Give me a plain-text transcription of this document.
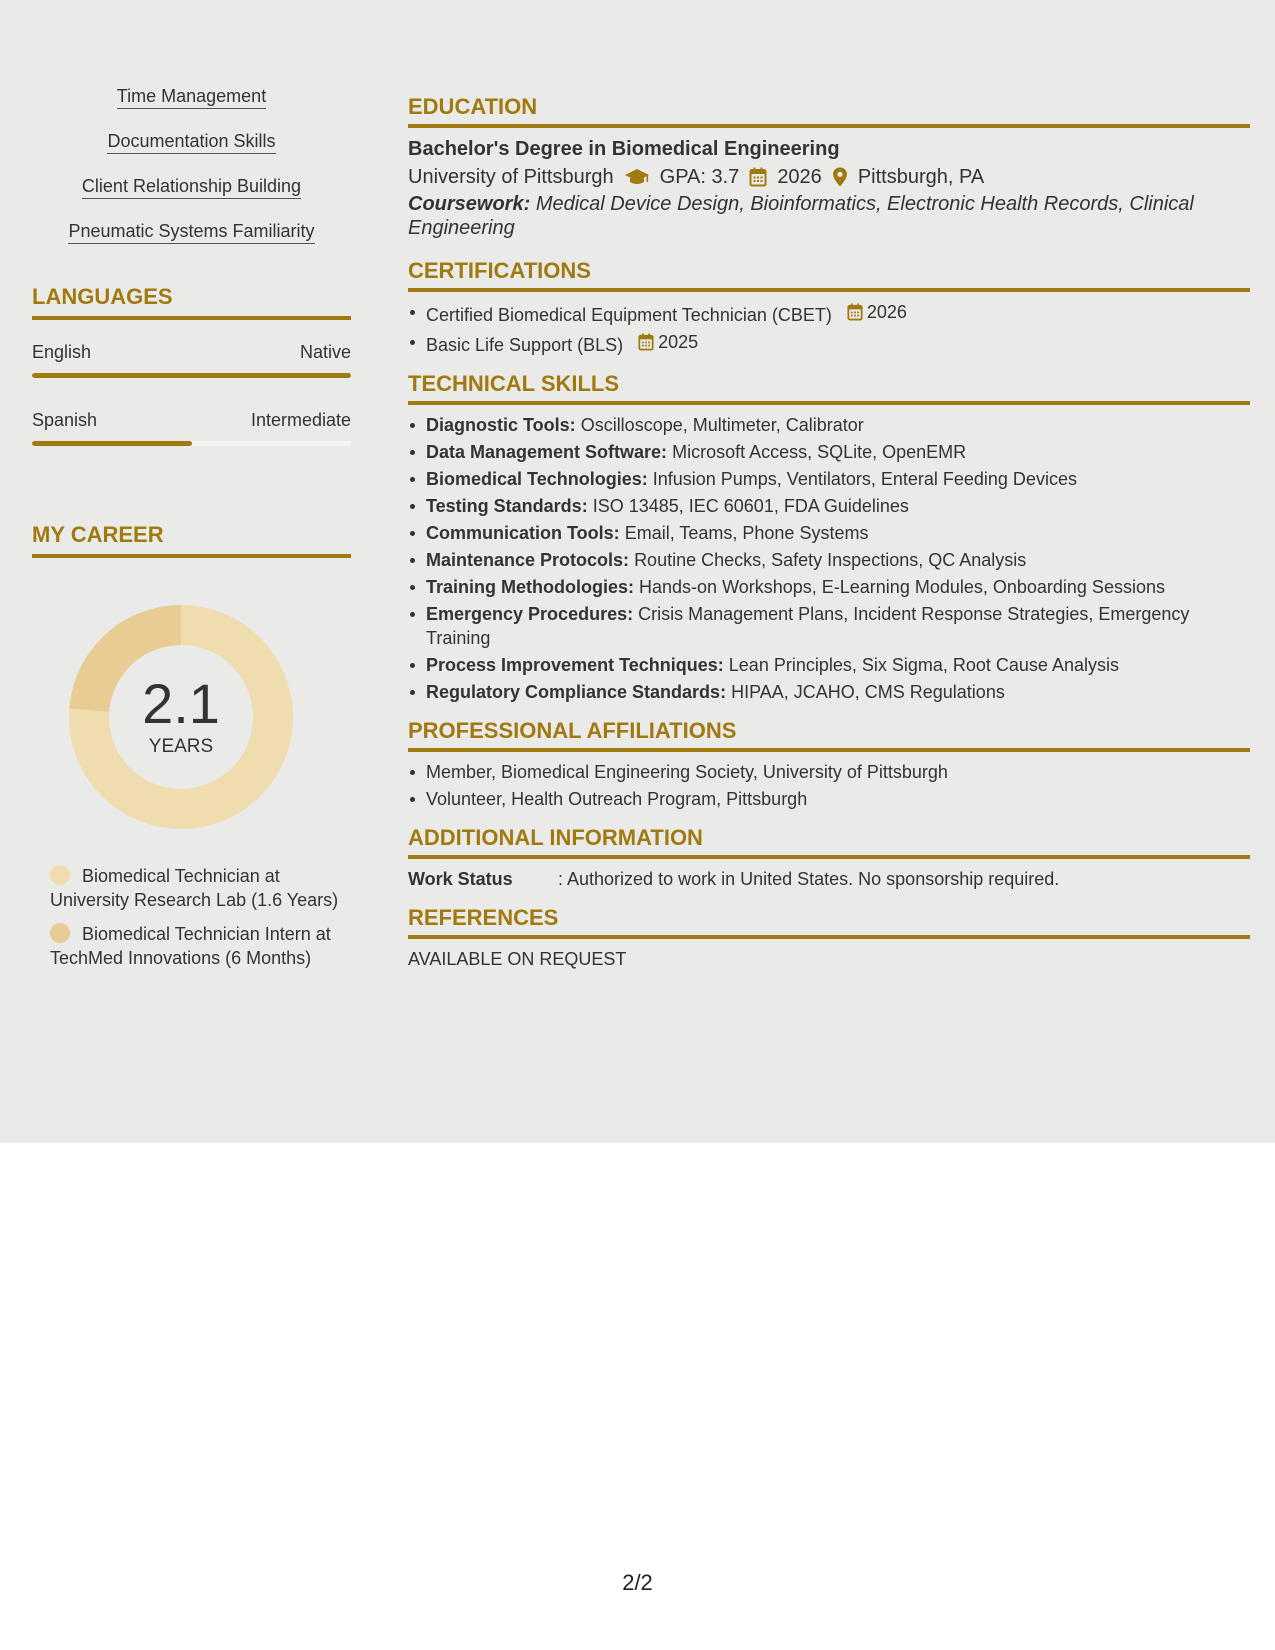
Time Management
Documentation Skills
Client Relationship Building
Pneumatic Systems Familiarity
LANGUAGES
English	Native
Spanish	Intermediate
MY CAREER
2.1
YEARS
Biomedical Technician at University Research Lab (1.6 Years)
Biomedical Technician Intern at TechMed Innovations (6 Months)
EDUCATION
Bachelor's Degree in Biomedical Engineering
University of Pittsburgh GPA: 3.7 2026 Pittsburgh, PA
Coursework: Medical Device Design, Bioinformatics, Electronic Health Records, Clinical Engineering
CERTIFICATIONS
Certified Biomedical Equipment Technician (CBET) 2026
Basic Life Support (BLS) 2025
TECHNICAL SKILLS
Diagnostic Tools: Oscilloscope, Multimeter, Calibrator
Data Management Software: Microsoft Access, SQLite, OpenEMR
Biomedical Technologies: Infusion Pumps, Ventilators, Enteral Feeding Devices
Testing Standards: ISO 13485, IEC 60601, FDA Guidelines
Communication Tools: Email, Teams, Phone Systems
Maintenance Protocols: Routine Checks, Safety Inspections, QC Analysis
Training Methodologies: Hands-on Workshops, E-Learning Modules, Onboarding Sessions
Emergency Procedures: Crisis Management Plans, Incident Response Strategies, Emergency Training
Process Improvement Techniques: Lean Principles, Six Sigma, Root Cause Analysis
Regulatory Compliance Standards: HIPAA, JCAHO, CMS Regulations
PROFESSIONAL AFFILIATIONS
Member, Biomedical Engineering Society, University of Pittsburgh
Volunteer, Health Outreach Program, Pittsburgh
ADDITIONAL INFORMATION
Work Status	: Authorized to work in United States. No sponsorship required.
REFERENCES
AVAILABLE ON REQUEST
2/2
